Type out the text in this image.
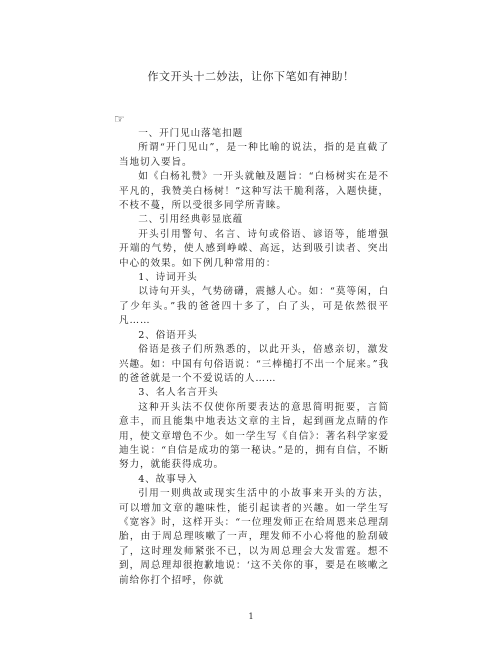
作文开头十二妙法，让你下笔如有神助！
☞

一、开门见山落笔扣题

所谓“开门见山”，是一种比喻的说法，指的是直截了当地切入要旨。

如《白杨礼赞》一开头就触及题旨：“白杨树实在是不平凡的，我赞美白杨树！”这种写法干脆利落，入题快捷，不枝不蔓，所以受很多同学所青睐。

二、引用经典彰显底蕴

开头引用警句、名言、诗句或俗语、谚语等，能增强开端的气势，使人感到峥嵘、高远，达到吸引读者、突出中心的效果。如下例几种常用的：

1、诗词开头

以诗句开头，气势磅礴，震撼人心。如：“莫等闲，白了少年头。”我的爸爸四十多了，白了头，可是依然很平凡……

2、俗语开头

俗语是孩子们所熟悉的，以此开头，倍感亲切，激发兴趣。如：中国有句俗语说：“三棒槌打不出一个屁来。”我的爸爸就是一个不爱说话的人……

3、名人名言开头

这种开头法不仅使你所要表达的意思简明扼要，言简意丰，而且能集中地表达文章的主旨，起到画龙点睛的作用，使文章增色不少。如一学生写《自信》：著名科学家爱迪生说：“自信是成功的第一秘诀。”是的，拥有自信，不断努力，就能获得成功。

4、故事导入

引用一则典故或现实生活中的小故事来开头的方法，可以增加文章的趣味性，能引起读者的兴趣。如一学生写《宽容》时，这样开头：“一位理发师正在给周恩来总理刮胎，由于周总理咳嗽了一声，理发师不小心将他的脸刮破了，这时理发师紧张不已，以为周总理会大发雷霆。想不到，周总理却很抱歉地说：‘这不关你的事，要是在咳嗽之前给你打个招呼，你就

1
